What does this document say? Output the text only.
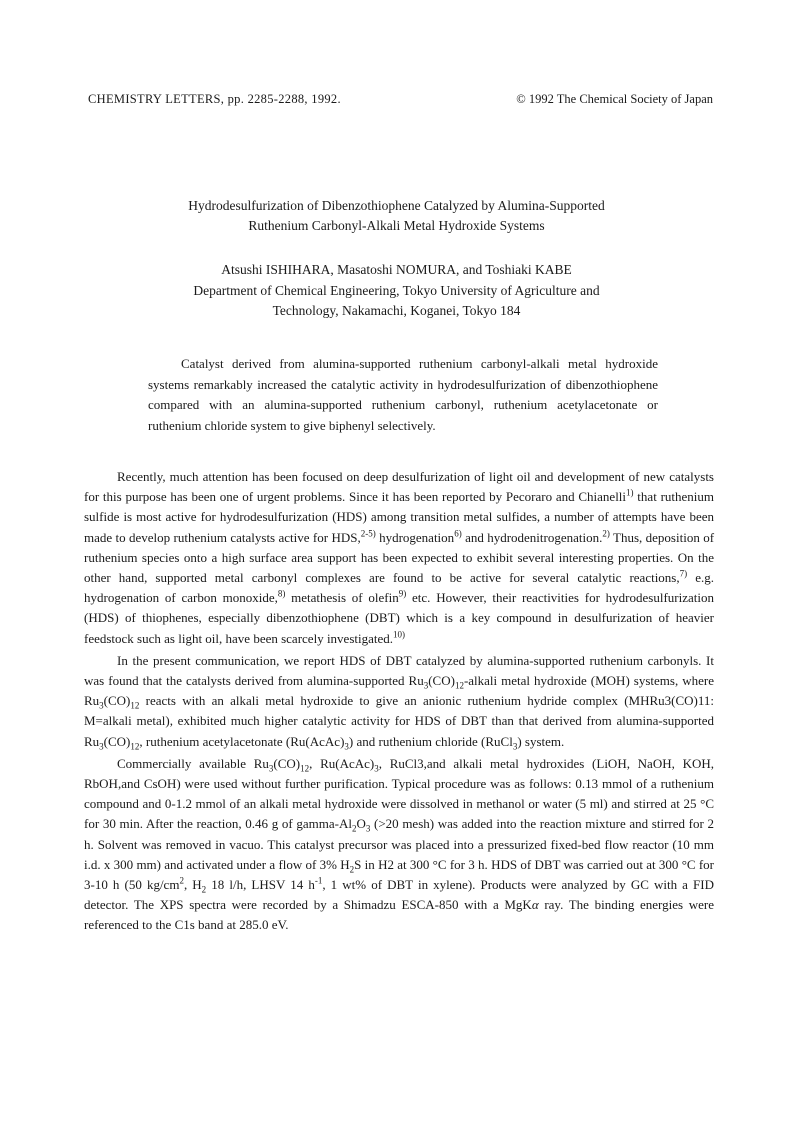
CHEMISTRY LETTERS, pp. 2285-2288, 1992.	© 1992 The Chemical Society of Japan
Hydrodesulfurization of Dibenzothiophene Catalyzed by Alumina-Supported
Ruthenium Carbonyl-Alkali Metal Hydroxide Systems
Atsushi ISHIHARA, Masatoshi NOMURA, and Toshiaki KABE
Department of Chemical Engineering, Tokyo University of Agriculture and
Technology, Nakamachi, Koganei, Tokyo 184
Catalyst derived from alumina-supported ruthenium carbonyl-alkali metal hydroxide systems remarkably increased the catalytic activity in hydrodesulfurization of dibenzothiophene compared with an alumina-supported ruthenium carbonyl, ruthenium acetylacetonate or ruthenium chloride system to give biphenyl selectively.

Recently, much attention has been focused on deep desulfurization of light oil and development of new catalysts for this purpose has been one of urgent problems. Since it has been reported by Pecoraro and Chianelli$^{1)}$ that ruthenium sulfide is most active for hydrodesulfurization (HDS) among transition metal sulfides, a number of attempts have been made to develop ruthenium catalysts active for HDS,$^{2-5)}$ hydrogenation$^{6)}$ and hydrodenitrogenation.$^{2)}$ Thus, deposition of ruthenium species onto a high surface area support has been expected to exhibit several interesting properties. On the other hand, supported metal carbonyl complexes are found to be active for several catalytic reactions,$^{7)}$ e.g. hydrogenation of carbon monoxide,$^{8)}$ metathesis of olefin$^{9)}$ etc. However, their reactivities for hydrodesulfurization (HDS) of thiophenes, especially dibenzothiophene (DBT) which is a key compound in desulfurization of heavier feedstock such as light oil, have been scarcely investigated.$^{10)}$

In the present communication, we report HDS of DBT catalyzed by alumina-supported ruthenium carbonyls. It was found that the catalysts derived from alumina-supported $Ru_3(CO)_{12}$-alkali metal hydroxide (MOH) systems, where $Ru_3(CO)_{12}$ reacts with an alkali metal hydroxide to give an anionic ruthenium hydride complex (MHRu3(CO)11: M=alkali metal), exhibited much higher catalytic activity for HDS of DBT than that derived from alumina-supported $Ru_3(CO)_{12}$, ruthenium acetylacetonate $(Ru(AcAc)_3)$ and ruthenium chloride (RuCl$_3$) system.

Commercially available $Ru_3(CO)_{12}$, $Ru(AcAc)_3$, RuCl3,and alkali metal hydroxides (LiOH, NaOH, KOH, RbOH,and CsOH) were used without further purification. Typical procedure was as follows: 0.13 mmol of a ruthenium compound and 0-1.2 mmol of an alkali metal hydroxide were dissolved in methanol or water (5 ml) and stirred at 25 °C for 30 min. After the reaction, 0.46 g of gamma-$Al_2O_3$ (>20 mesh) was added into the reaction mixture and stirred for 2 h. Solvent was removed in vacuo. This catalyst precursor was placed into a pressurized fixed-bed flow reactor (10 mm i.d. x 300 mm) and activated under a flow of 3% $H_2S$ in H2 at 300 °C for 3 h. HDS of DBT was carried out at 300 °C for 3-10 h (50 $kg/cm^2$, $H_2$ 18 l/h, LHSV 14 $h^{-1}$, 1 wt% of DBT in xylene). Products were analyzed by GC with a FID detector. The XPS spectra were recorded by a Shimadzu ESCA-850 with a MgKα ray. The binding energies were referenced to the C1s band at 285.0 eV.
